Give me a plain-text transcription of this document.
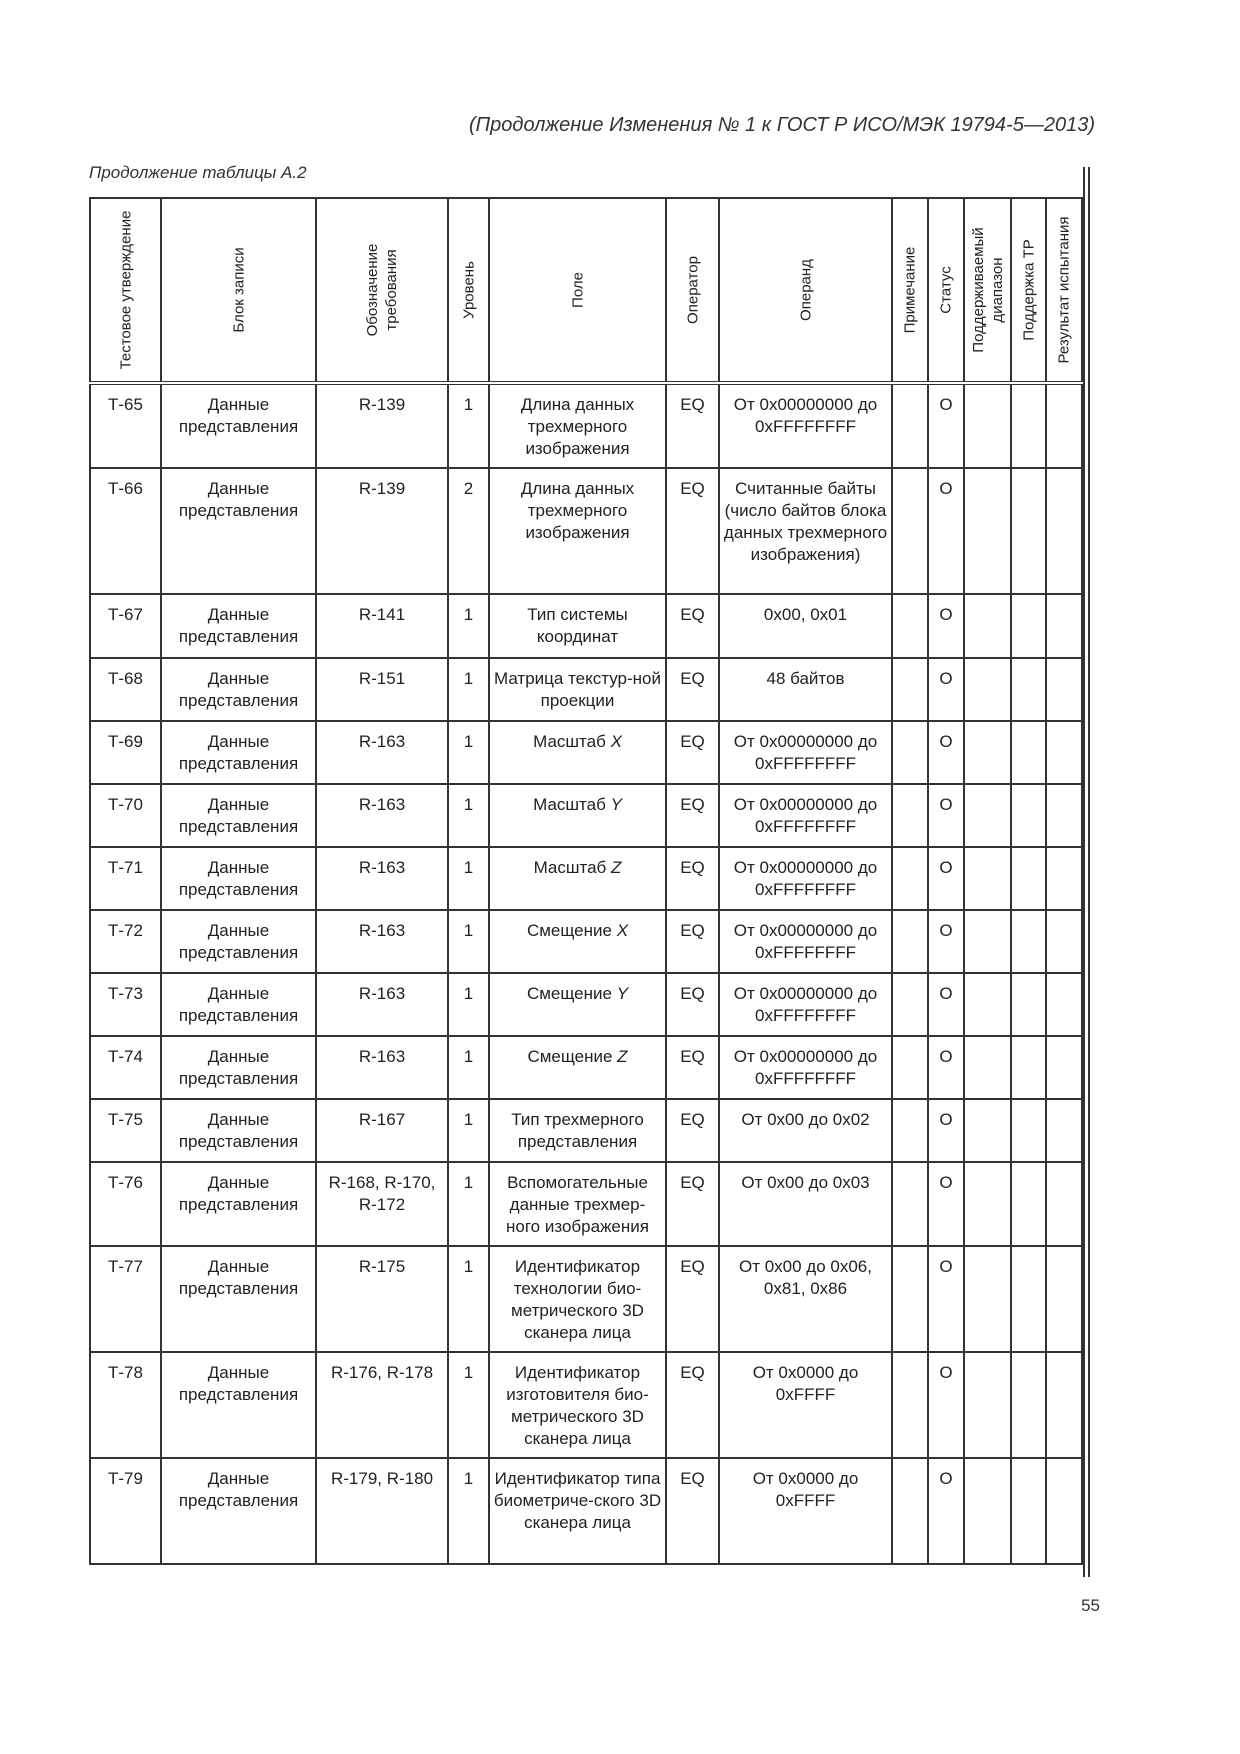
(Продолжение Изменения № 1 к ГОСТ Р ИСО/МЭК 19794-5—2013)
Продолжение таблицы А.2
Тестовое утверждение	Блок записи	Обозначение требования	Уровень	Поле	Оператор	Операнд	Примечание	Статус	Поддерживаемый диапазон	Поддержка ТР	Результат испытания

Т-65	Данные представления	R-139	1	Длина данных трехмерного изображения	EQ	От 0x00000000 до 0xFFFFFFFF		O			
Т-66	Данные представления	R-139	2	Длина данных трехмерного изображения	EQ	Считанные байты (число байтов блока данных трехмерного изображения)		O			
Т-67	Данные представления	R-141	1	Тип системы координат	EQ	0x00, 0x01		O			
Т-68	Данные представления	R-151	1	Матрица текстур-ной проекции	EQ	48 байтов		O			
Т-69	Данные представления	R-163	1	Масштаб X	EQ	От 0x00000000 до 0xFFFFFFFF		O			
Т-70	Данные представления	R-163	1	Масштаб Y	EQ	От 0x00000000 до 0xFFFFFFFF		O			
Т-71	Данные представления	R-163	1	Масштаб Z	EQ	От 0x00000000 до 0xFFFFFFFF		O			
Т-72	Данные представления	R-163	1	Смещение X	EQ	От 0x00000000 до 0xFFFFFFFF		O			
Т-73	Данные представления	R-163	1	Смещение Y	EQ	От 0x00000000 до 0xFFFFFFFF		O			
Т-74	Данные представления	R-163	1	Смещение Z	EQ	От 0x00000000 до 0xFFFFFFFF		O			
Т-75	Данные представления	R-167	1	Тип трехмерного представления	EQ	От 0x00 до 0x02		O			
Т-76	Данные представления	R-168, R-170, R-172	1	Вспомогательные данные трехмер-ного изображения	EQ	От 0x00 до 0x03		O			
Т-77	Данные представления	R-175	1	Идентификатор технологии био-метрического 3D сканера лица	EQ	От 0x00 до 0x06, 0x81, 0x86		O			
Т-78	Данные представления	R-176, R-178	1	Идентификатор изготовителя био-метрического 3D сканера лица	EQ	От 0x0000 до 0xFFFF		O			
Т-79	Данные представления	R-179, R-180	1	Идентификатор типа биометриче-ского 3D сканера лица	EQ	От 0x0000 до 0xFFFF		O			
55
